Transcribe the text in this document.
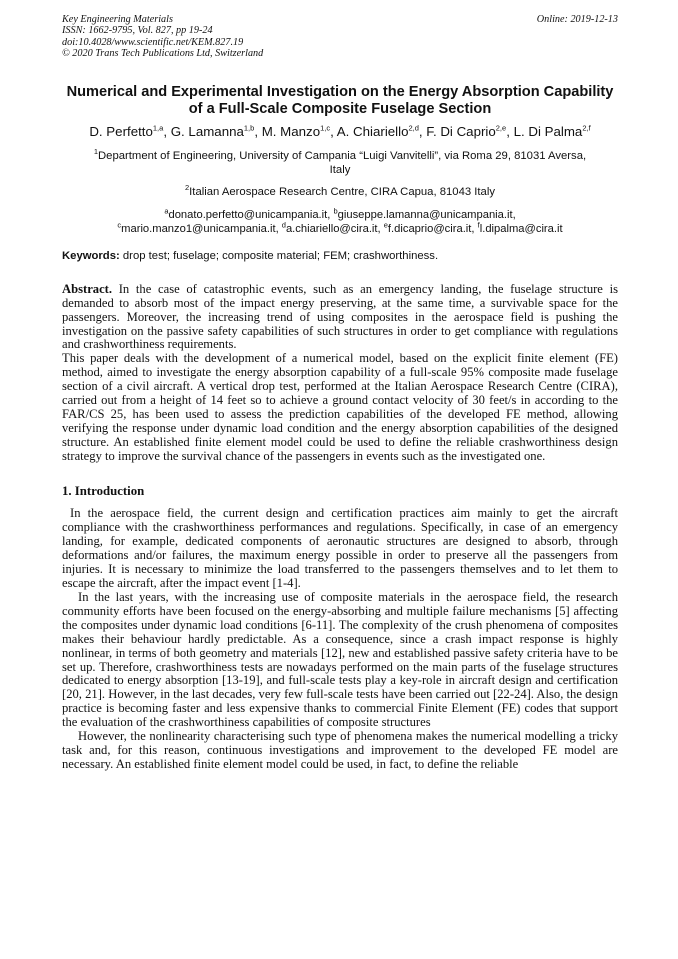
Key Engineering Materials
ISSN: 1662-9795, Vol. 827, pp 19-24
doi:10.4028/www.scientific.net/KEM.827.19
© 2020 Trans Tech Publications Ltd, Switzerland
Online: 2019-12-13
Numerical and Experimental Investigation on the Energy Absorption Capability of a Full-Scale Composite Fuselage Section
D. Perfetto$^{1,a}$, G. Lamanna$^{1,b}$, M. Manzo$^{1,c}$, A. Chiariello$^{2,d}$, F. Di Caprio$^{2,e}$, L. Di Palma$^{2,f}$
$^1$Department of Engineering, University of Campania “Luigi Vanvitelli”, via Roma 29, 81031 Aversa, Italy
$^2$Italian Aerospace Research Centre, CIRA Capua, 81043 Italy
$^a$donato.perfetto@unicampania.it, $^b$giuseppe.lamanna@unicampania.it,
$^c$mario.manzo1@unicampania.it, $^d$a.chiariello@cira.it, $^e$f.dicaprio@cira.it, $^f$l.dipalma@cira.it
Keywords: drop test; fuselage; composite material; FEM; crashworthiness.

Abstract. In the case of catastrophic events, such as an emergency landing, the fuselage structure is demanded to absorb most of the impact energy preserving, at the same time, a survivable space for the passengers. Moreover, the increasing trend of using composites in the aerospace field is pushing the investigation on the passive safety capabilities of such structures in order to get compliance with regulations and crashworthiness requirements.

This paper deals with the development of a numerical model, based on the explicit finite element (FE) method, aimed to investigate the energy absorption capability of a full-scale 95% composite made fuselage section of a civil aircraft. A vertical drop test, performed at the Italian Aerospace Research Centre (CIRA), carried out from a height of 14 feet so to achieve a ground contact velocity of 30 feet/s in according to the FAR/CS 25, has been used to assess the prediction capabilities of the developed FE method, allowing verifying the response under dynamic load condition and the energy absorption capabilities of the designed structure. An established finite element model could be used to define the reliable crashworthiness design strategy to improve the survival chance of the passengers in events such as the investigated one.

1. Introduction

In the aerospace field, the current design and certification practices aim mainly to get the aircraft compliance with the crashworthiness performances and regulations. Specifically, in case of an emergency landing, for example, dedicated components of aeronautic structures are designed to absorb, through deformations and/or failures, the maximum energy possible in order to preserve all the passengers from injuries. It is necessary to minimize the load transferred to the passengers themselves and to let them to escape the aircraft, after the impact event [1-4].

In the last years, with the increasing use of composite materials in the aerospace field, the research community efforts have been focused on the energy-absorbing and multiple failure mechanisms [5] affecting the composites under dynamic load conditions [6-11]. The complexity of the crush phenomena of composites makes their behaviour hardly predictable. As a consequence, since a crash impact response is highly nonlinear, in terms of both geometry and materials [12], new and established passive safety criteria have to be set up. Therefore, crashworthiness tests are nowadays performed on the main parts of the fuselage structures dedicated to energy absorption [13-19], and full-scale tests play a key-role in aircraft design and certification [20, 21]. However, in the last decades, very few full-scale tests have been carried out [22-24]. Also, the design practice is becoming faster and less expensive thanks to commercial Finite Element (FE) codes that support the evaluation of the crashworthiness capabilities of composite structures

However, the nonlinearity characterising such type of phenomena makes the numerical modelling a tricky task and, for this reason, continuous investigations and improvement to the developed FE model are necessary. An established finite element model could be used, in fact, to define the reliable
